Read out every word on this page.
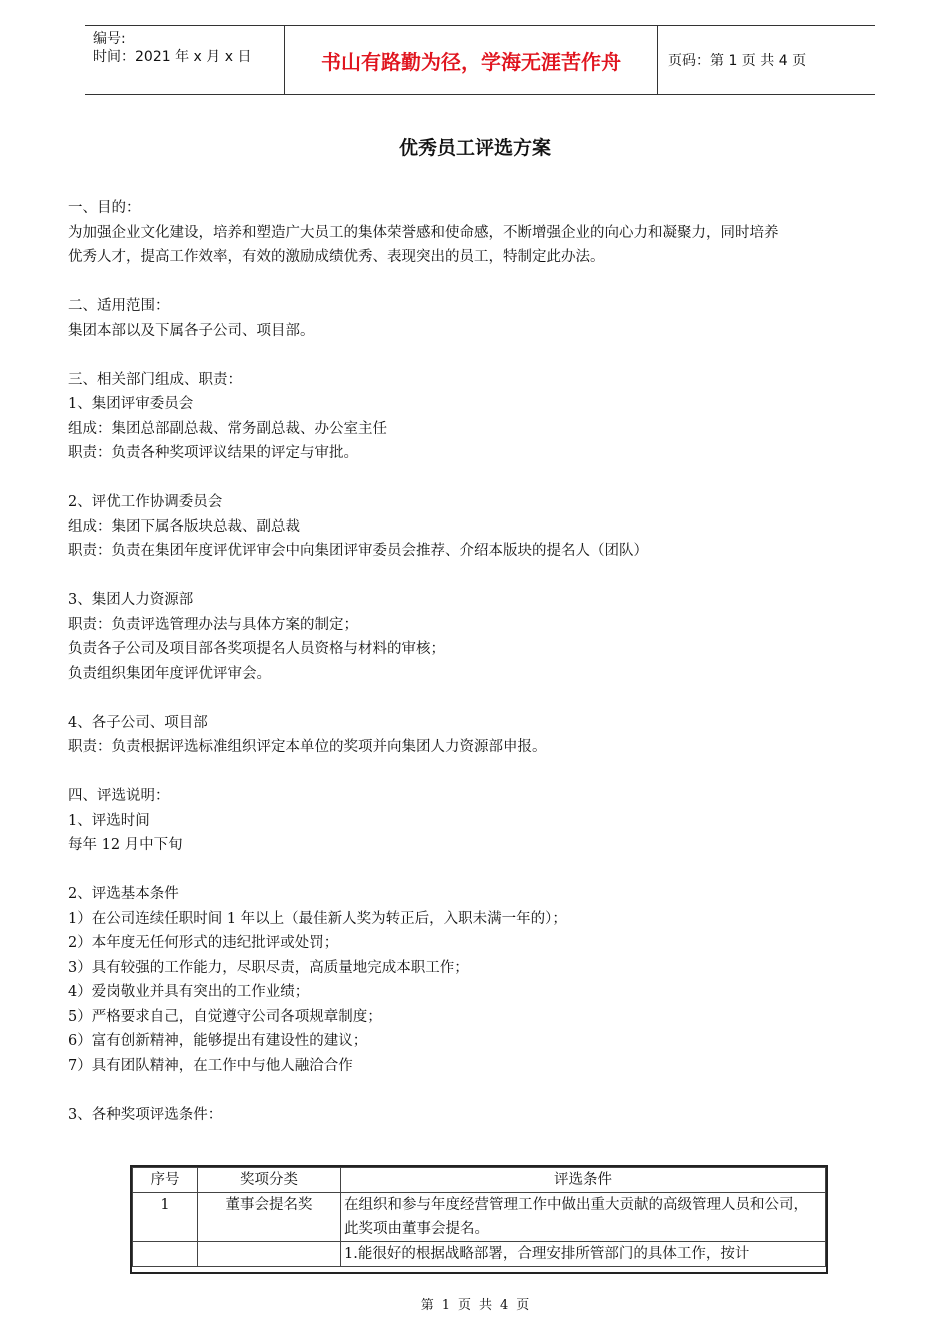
编号:
时间：2021 年 x 月 x 日	书山有路勤为径，学海无涯苦作舟	页码：第 1 页 共 4 页
优秀员工评选方案

一、目的：

为加强企业文化建设，培养和塑造广大员工的集体荣誉感和使命感，不断增强企业的向心力和凝聚力，同时培养

优秀人才，提高工作效率，有效的激励成绩优秀、表现突出的员工，特制定此办法。

二、适用范围：

集团本部以及下属各子公司、项目部。

三、相关部门组成、职责：

1、集团评审委员会

组成：集团总部副总裁、常务副总裁、办公室主任

职责：负责各种奖项评议结果的评定与审批。

2、评优工作协调委员会

组成：集团下属各版块总裁、副总裁

职责：负责在集团年度评优评审会中向集团评审委员会推荐、介绍本版块的提名人（团队）

3、集团人力资源部

职责：负责评选管理办法与具体方案的制定；

负责各子公司及项目部各奖项提名人员资格与材料的审核；

负责组织集团年度评优评审会。

4、各子公司、项目部

职责：负责根据评选标准组织评定本单位的奖项并向集团人力资源部申报。

四、评选说明：

1、评选时间

每年 12 月中下旬

2、评选基本条件

1）在公司连续任职时间 1 年以上（最佳新人奖为转正后，入职未满一年的）；

2）本年度无任何形式的违纪批评或处罚；

3）具有较强的工作能力，尽职尽责，高质量地完成本职工作；

4）爱岗敬业并具有突出的工作业绩；

5）严格要求自己，自觉遵守公司各项规章制度；

6）富有创新精神，能够提出有建设性的建议；

7）具有团队精神，在工作中与他人融洽合作

3、各种奖项评选条件：

序号	奖项分类	评选条件
1	董事会提名奖	在组织和参与年度经营管理工作中做出重大贡献的高级管理人员和公司，此奖项由董事会提名。
		1.能很好的根据战略部署，合理安排所管部门的具体工作，按计
第 1 页 共 4 页
